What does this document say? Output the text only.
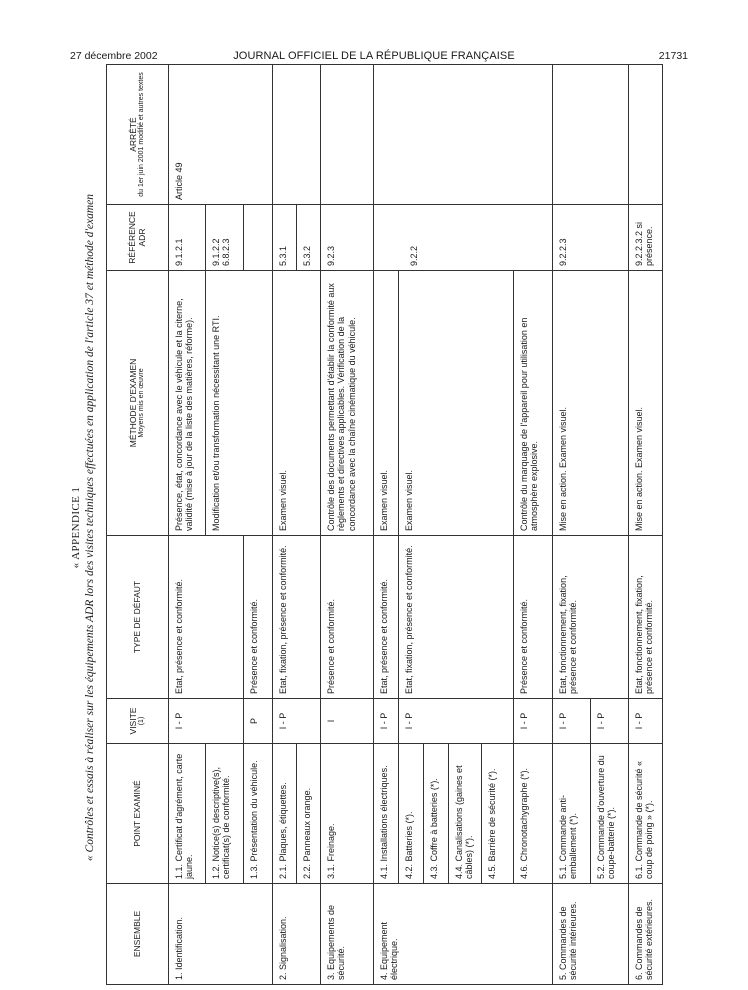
27 décembre 2002	JOURNAL OFFICIEL DE LA RÉPUBLIQUE FRANÇAISE	21731
« APPENDICE 1 « Contrôles et essais à réaliser sur les équipements ADR lors des visites techniques effectuées en application de l'article 37 et méthode d'examen
ENSEMBLE	POINT EXAMINÉ	VISITE (1)	TYPE DE DÉFAUT	MÉTHODE D'EXAMEN Moyens mis en œuvre	RÉFÉRENCE ADR	ARRÊTÉ du 1er juin 2001 modifié et autres textes

1. Identification.	1.1. Certificat d'agrément, carte jaune.	I - P	Etat, présence et conformité.	Présence, état, concordance avec le véhicule et la citerne, validité (mise à jour de la liste des matières, réforme).	9.1.2.1	Article 49
	1.2. Notice(s) descriptive(s), certificat(s) de conformité.			Modification et/ou transformation nécessitant une RTI.	9.1.2.2 6.8.2.3	
	1.3. Présentation du véhicule.	P	Présence et conformité.			
2. Signalisation.	2.1. Plaques, étiquettes.	I - P	Etat, fixation, présence et conformité.	Examen visuel.	5.3.1	
	2.2. Panneaux orange.				5.3.2	
3. Equipements de sécurité.	3.1. Freinage.	I	Présence et conformité.	Contrôle des documents permettant d'établir la conformité aux règlements et directives applicables. Vérification de la concordance avec la chaîne cinématique du véhicule.	9.2.3	
4. Equipement électrique.	4.1. Installations électriques.	I - P	Etat, présence et conformité.	Examen visuel.	9.2.2	
	4.2. Batteries (*).	I - P	Etat, fixation, présence et conformité.	Examen visuel.		
	4.3. Coffre à batteries (*).					
	4.4. Canalisations (gaines et câbles) (*).					
	4.5. Barrière de sécurité (*).					
	4.6. Chronotachygraphe (*).	I - P	Présence et conformité.	Contrôle du marquage de l'appareil pour utilisation en atmosphère explosive.		
5. Commandes de sécurité intérieures.	5.1. Commande anti-emballement (*).	I - P	Etat, fonctionnement, fixation, présence et conformité.	Mise en action. Examen visuel.	9.2.2.3	
	5.2. Commande d'ouverture du coupe-batterie (*).	I - P				
6. Commandes de sécurité extérieures.	6.1. Commande de sécurité « coup de poing » (*).	I - P	Etat, fonctionnement, fixation, présence et conformité.	Mise en action. Examen visuel.	9.2.2.3.2 si présence.	
